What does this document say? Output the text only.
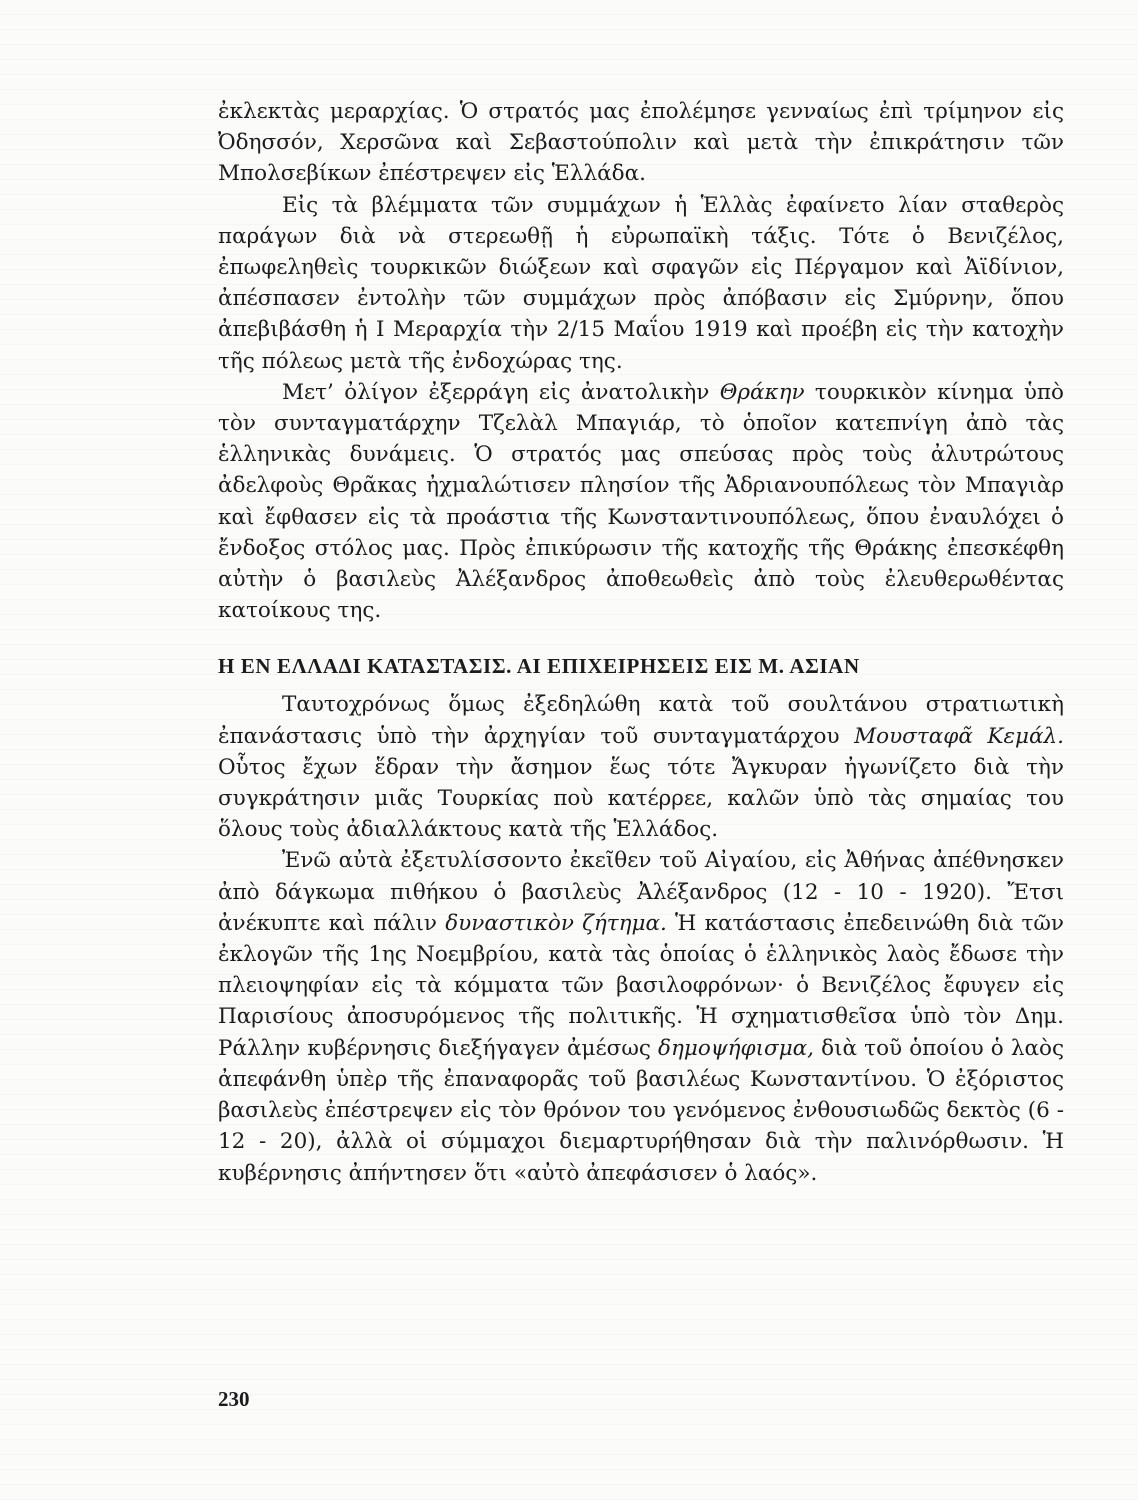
ἐκλεκτὰς μεραρχίας. Ὁ στρατός μας ἐπολέμησε γενναίως ἐπὶ τρίμηνον εἰς Ὀδησσόν, Χερσῶνα καὶ Σεβαστούπολιν καὶ μετὰ τὴν ἐπικράτησιν τῶν Μπολσεβίκων ἐπέστρεψεν εἰς Ἑλλάδα.

Εἰς τὰ βλέμματα τῶν συμμάχων ἡ Ἑλλὰς ἐφαίνετο λίαν σταθερὸς παράγων διὰ νὰ στερεωθῇ ἡ εὐρωπαϊκὴ τάξις. Τότε ὁ Βενιζέλος, ἐπωφεληθεὶς τουρκικῶν διώξεων καὶ σφαγῶν εἰς Πέργαμον καὶ Ἀϊδίνιον, ἀπέσπασεν ἐντολὴν τῶν συμμάχων πρὸς ἀπόβασιν εἰς Σμύρνην, ὅπου ἀπεβιβάσθη ἡ Ι Μεραρχία τὴν 2/15 Μαΐου 1919 καὶ προέβη εἰς τὴν κατοχὴν τῆς πόλεως μετὰ τῆς ἐνδοχώρας της.

Μετ’ ὀλίγον ἐξερράγη εἰς ἀνατολικὴν Θράκην τουρκικὸν κίνημα ὑπὸ τὸν συνταγματάρχην Τζελὰλ Μπαγιάρ, τὸ ὁποῖον κατεπνίγη ἀπὸ τὰς ἑλληνικὰς δυνάμεις. Ὁ στρατός μας σπεύσας πρὸς τοὺς ἀλυτρώτους ἀδελφοὺς Θρᾶκας ἠχμαλώτισεν πλησίον τῆς Ἀδριανουπόλεως τὸν Μπαγιὰρ καὶ ἔφθασεν εἰς τὰ προάστια τῆς Κωνσταντινουπόλεως, ὅπου ἐναυλόχει ὁ ἔνδοξος στόλος μας. Πρὸς ἐπικύρωσιν τῆς κατοχῆς τῆς Θράκης ἐπεσκέφθη αὐτὴν ὁ βασιλεὺς Ἀλέξανδρος ἀποθεωθεὶς ἀπὸ τοὺς ἐλευθερωθέντας κατοίκους της.

Η ΕΝ ΕΛΛΑΔΙ ΚΑΤΑΣΤΑΣΙΣ. ΑΙ ΕΠΙΧΕΙΡΗΣΕΙΣ ΕΙΣ Μ. ΑΣΙΑΝ

Ταυτοχρόνως ὅμως ἐξεδηλώθη κατὰ τοῦ σουλτάνου στρατιωτικὴ ἐπανάστασις ὑπὸ τὴν ἀρχηγίαν τοῦ συνταγματάρχου Μουσταφᾶ Κεμάλ. Οὗτος ἔχων ἕδραν τὴν ἄσημον ἕως τότε Ἄγκυραν ἠγωνίζετο διὰ τὴν συγκράτησιν μιᾶς Τουρκίας ποὺ κατέρρεε, καλῶν ὑπὸ τὰς σημαίας του ὅλους τοὺς ἀδιαλλάκτους κατὰ τῆς Ἑλλάδος.

Ἐνῶ αὐτὰ ἐξετυλίσσοντο ἐκεῖθεν τοῦ Αἰγαίου, εἰς Ἀθήνας ἀπέθνησκεν ἀπὸ δάγκωμα πιθήκου ὁ βασιλεὺς Ἀλέξανδρος (12 - 10 - 1920). Ἔτσι ἀνέκυπτε καὶ πάλιν δυναστικὸν ζήτημα. Ἡ κατάστασις ἐπεδεινώθη διὰ τῶν ἐκλογῶν τῆς 1ης Νοεμβρίου, κατὰ τὰς ὁποίας ὁ ἑλληνικὸς λαὸς ἔδωσε τὴν πλειοψηφίαν εἰς τὰ κόμματα τῶν βασιλοφρόνων· ὁ Βενιζέλος ἔφυγεν εἰς Παρισίους ἀποσυρόμενος τῆς πολιτικῆς. Ἡ σχηματισθεῖσα ὑπὸ τὸν Δημ. Ράλλην κυβέρνησις διεξήγαγεν ἀμέσως δημοψήφισμα, διὰ τοῦ ὁποίου ὁ λαὸς ἀπεφάνθη ὑπὲρ τῆς ἐπαναφορᾶς τοῦ βασιλέως Κωνσταντίνου. Ὁ ἐξόριστος βασιλεὺς ἐπέστρεψεν εἰς τὸν θρόνον του γενόμενος ἐνθουσιωδῶς δεκτὸς (6 - 12 - 20), ἀλλὰ οἱ σύμμαχοι διεμαρτυρήθησαν διὰ τὴν παλινόρθωσιν. Ἡ κυβέρνησις ἀπήντησεν ὅτι «αὐτὸ ἀπεφάσισεν ὁ λαός».

230
